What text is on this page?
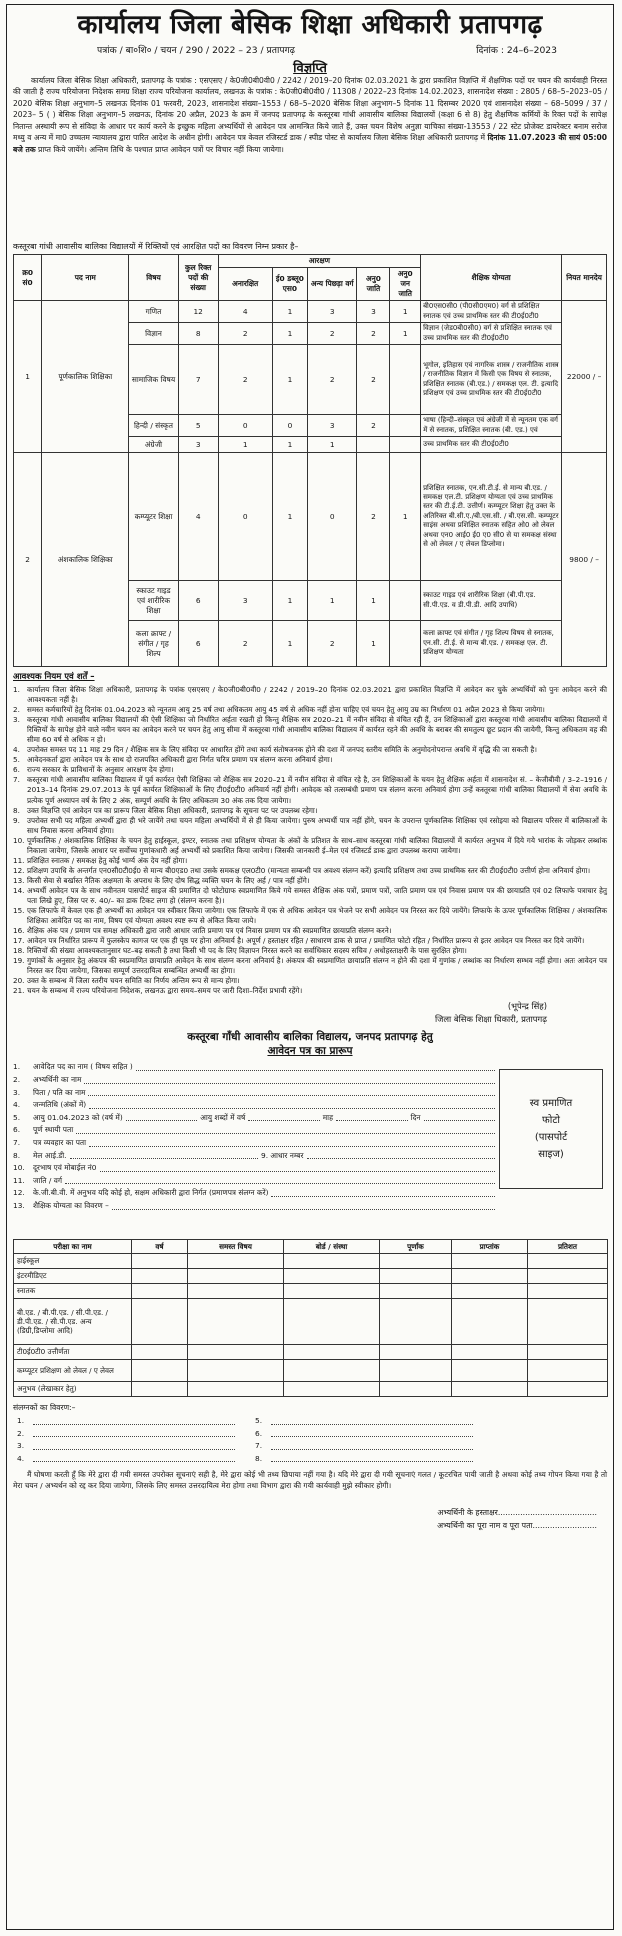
कार्यालय जिला बेसिक शिक्षा अधिकारी प्रतापगढ़
पत्रांक / बा०शि० / चयन / 290 / 2022 – 23 / प्रतापगढ़	दिनांक : 24–6–2023
विज्ञप्ति
कार्यालय जिला बेसिक शिक्षा अधिकारी, प्रतापगढ़ के पत्रांक : एसएसए / के0जी0बी0वी0 / 2242 / 2019–20 दिनांक 02.03.2021 के द्वारा प्रकाशित विज्ञप्ति में शैक्षणिक पदों पर चयन की कार्यवाही निरस्त की जाती है राज्य परियोजना निदेशक समग्र शिक्षा राज्य परियोजना कार्यालय, लखनऊ के पत्रांक : के0जी0बी0वी0 / 11308 / 2022–23 दिनांक 14.02.2023, शासनादेश संख्या : 2805 / 68–5–2023–05 / 2020 बेसिक शिक्षा अनुभाग–5 लखनऊ दिनांक 01 फरवरी, 2023, शासनादेश संख्या–1553 / 68–5–2020 बेसिक शिक्षा अनुभाग–5 दिनांक 11 दिसम्बर 2020 एवं शासनादेश संख्या – 68–5099 / 37 / 2023– 5 ( ) बेसिक शिक्षा अनुभाग–5 लखनऊ, दिनांक 20 अप्रैल, 2023 के क्रम में जनपद प्रतापगढ़ के कस्तूरबा गांधी आवासीय बालिका विद्यालयों (कक्षा 6 से 8) हेतु शैक्षणिक कर्मियों के रिक्त पदों के सापेक्ष नितान्त अस्थायी रूप से संविदा के आधार पर कार्य करने के इच्छुक महिला अभ्यर्थियों से आवेदन पत्र आमन्त्रित किये जाते हैं, उक्त चयन विशेष अनुज्ञा याचिका संख्या-13553 / 22 स्टेट प्रोजेक्ट डायरेक्टर बनाम सरोज मथ्यु व अन्य में मा0 उच्चतम न्यायालय द्वारा पारित आदेश के अधीन होगी। आवेदन पत्र केवल रजिस्टर्ड डाक / स्पीड पोस्ट से कार्यालय जिला बेसिक शिक्षा अधिकारी प्रतापगढ़ में दिनांक 11.07.2023 की सायं 05:00 बजे तक प्राप्त किये जायेंगे। अन्तिम तिथि के पश्चात प्राप्त आवेदन पत्रों पर विचार नहीं किया जायेगा।
कस्तूरबा गांधी आवासीय बालिका विद्यालयों में रिक्तियों एवं आरक्षित पदों का विवरण निम्न प्रकार है–
क्र0 सं0	पद नाम	विषय	कुल रिक्त पदों की संख्या	आरक्षण					शैक्षिक योग्यता	नियत मानदेय
				अनारक्षित	ई0 डब्लू0 एस0	अन्य पिछड़ा वर्ग	अनु0 जाति	अनु0 जन जाति		
1	पूर्णकालिक शिक्षिका	गणित	12	4	1	3	3	1	बी0एस0सी0 (पी0सी0एम0) वर्ग से प्रशिक्षित स्नातक एवं उच्च प्राथमिक स्तर की टी0ई0टी0	22000 / –
		विज्ञान	8	2	1	2	2	1	विज्ञान (जेड0बी0सी0) वर्ग से प्रशिक्षित स्नातक एवं उच्च प्राथमिक स्तर की टी0ई0टी0	
		सामाजिक विषय	7	2	1	2	2		भूगोल, इतिहास एवं नागरिक शास्त्र / राजनीतिक शास्त्र / राजनीतिक विज्ञान में किसी एक विषय से स्नातक, प्रशिक्षित स्नातक (बी.एड.) / समकक्ष एल. टी. इत्यादि प्रशिक्षण एवं उच्च प्राथमिक स्तर की टी0ई0टी0	
		हिन्दी / संस्कृत	5	0	0	3	2		भाषा (हिन्दी–संस्कृत एवं अंग्रेजी में से न्यूनतम एक वर्ग में से स्नातक, प्रशिक्षित स्नातक (बी. एड.) एवं	
		अंग्रेजी	3	1	1	1			उच्च प्राथमिक स्तर की टी0ई0टी0	
2	अंशकालिक शिक्षिका	कम्प्यूटर शिक्षा	4	0	1	0	2	1	प्रशिक्षित स्नातक, एन.सी.टी.ई. से मान्य बी.एड. / समकक्ष एल.टी. प्रशिक्षण योग्यता एवं उच्च प्राथमिक स्तर की टी.ई.टी. उत्तीर्ण। कम्प्यूटर शिक्षा हेतु उक्त के अतिरिक्त बी.सी.ए./बी.एस.सी. / बी.एस.सी. कम्प्यूटर साइंस अथवा प्रशिक्षित स्नातक सहित ओ0 ओ लेवल अथवा एन0 आई0 ई0 ए0 सी0 से या समकक्ष संस्था से ओ लेवल / ए लेवल डिप्लोमा।	9800 / –
		स्काउट गाइड एवं शारीरिक शिक्षा	6	3	1	1	1		स्काउट गाइड एवं शारीरिक शिक्षा (बी.पी.एड. सी.पी.एड. व डी.पी.डी. आदि उपाधि)	
		कला क्राफ्ट / संगीत / गृह शिल्प	6	2	1	2	1		कला क्राफ्ट एवं संगीत / गृह शिल्प विषय से स्नातक, एन.सी. टी.ई. से मान्य बी.एड. / समकक्ष एल. टी. प्रशिक्षण योग्यता	
आवश्यक नियम एवं शर्तें –
1. कार्यालय जिला बेसिक शिक्षा अधिकारी, प्रतापगढ़ के पत्रांक एसएसए / के0जी0बी0वी0 / 2242 / 2019–20 दिनांक 02.03.2021 द्वारा प्रकाशित विज्ञप्ति में आवेदन कर चुके अभ्यर्थियों को पुनः आवेदन करने की आवश्यकता नहीं है।
2. समस्त कर्मचारियों हेतु दिनांक 01.04.2023 को न्यूनतम आयु 25 वर्ष तथा अधिकतम आयु 45 वर्ष से अधिक नहीं होना चाहिए एवं चयन हेतु आयु उम्र का निर्धारण 01 अप्रैल 2023 से किया जायेगा।
3. कस्तूरबा गांधी आवासीय बालिका विद्यालयों की ऐसी शिक्षिका जो निर्धारित अर्हता रखती हो किन्तु शैक्षिक सत्र 2020–21 में नवीन संविदा से वंचित रही हैं, उन शिक्षिकाओं द्वारा कस्तूरबा गांधी आवासीय बालिका विद्यालयों में रिक्तियों के सापेक्ष होने वाले नवीन चयन का आवेदन करने पर चयन हेतु आयु सीमा में कस्तूरबा गांधी आवासीय बालिका विद्यालय में कार्यरत रहने की अवधि के बराबर की समतुल्य छूट प्रदान की जायेगी, किन्तु अधिकतम वह की सीमा 60 वर्ष से अधिक न हो।
4. उपरोक्त समस्त पद 11 माह 29 दिन / शैक्षिक सत्र के लिए संविदा पर आधारित होंगे तथा कार्य संतोषजनक होने की दशा में जनपद स्तरीय समिति के अनुमोदनोपरान्त अवधि में वृद्धि की जा सकती है।
5. आवेदनकर्ता द्वारा आवेदन पत्र के साथ दो राजपत्रित अधिकारी द्वारा निर्गत चरित्र प्रमाण पत्र संलग्न करना अनिवार्य होगा।
6. राज्य सरकार के प्राविधानों के अनुसार आरक्षण देय होगा।
7. कस्तूरबा गांधी आवासीय बालिका विद्यालय में पूर्व कार्यरत ऐसी शिक्षिका जो शैक्षिक सत्र 2020–21 में नवीन संविदा से वंचित रहे है, उन शिक्षिकाओं के चयन हेतु शैक्षिक अर्हता में शासनादेश सं. – केजीबीवी / 3–2–1916 / 2013–14 दिनांक 29.07.2013 के पूर्व कार्यरत शिक्षिकाओं के लिए टी0ई0टी0 अनिवार्य नहीं होगी। आवेदक को तत्सम्बंधी प्रमाण पत्र संलग्न करना अनिवार्य होगा उन्हें कस्तूरबा गांधी बालिका विद्यालयों में सेवा अवधि के प्रत्येक पूर्ण अध्यापन वर्ष के लिए 2 अंक, सम्पूर्ण अवधि के लिए अधिकतम 30 अंक तक दिया जायेगा।
8. उक्त विज्ञप्ति एवं आवेदन पत्र का प्रारूप जिला बेसिक शिक्षा अधिकारी, प्रतापगढ़ के सूचना पट पर उपलब्ध रहेगा।
9. उपरोक्त सभी पद महिला अभ्यर्थी द्वारा ही भरे जायेंगे तथा चयन महिला अभ्यर्थियों में से ही किया जायेगा। पुरुष अभ्यर्थी पात्र नहीं होंगे, चयन के उपरान्त पूर्णकालिक शिक्षिका एवं रसोइया को विद्यालय परिसर में बालिकाओं के साथ निवास करना अनिवार्य होगा।
10. पूर्णकालिक / अंशकालिक शिक्षिका के चयन हेतु हाईस्कूल, इण्टर, स्नातक तथा प्रशिक्षण योग्यता के अंकों के प्रतिशत के साथ–साथ कस्तूरबा गांधी बालिका विद्यालयों में कार्यरत अनुभव में दिये गये भारांक के जोड़कर लब्धांक निकाला जायेगा, जिसके आधार पर सर्वोच्च गुणांकधारी अर्ह अभ्यर्थी को प्रकाशित किया जायेगा। जिसकी जानकारी ई–मेल एवं रजिस्टर्ड डाक द्वारा उपलब्ध कराया जायेगा।
11. प्रशिक्षित स्नातक / समकक्ष हेतु कोई भार्ग्य अंक देय नहीं होगा।
12. प्रशिक्षण उपाधि के अन्तर्गत एन0सी0टी0ई0 से मान्य बी0एड0 तथा उसके समकक्ष एल0टी0 (मान्यता सम्बन्धी पत्र अवश्य संलग्न करें) इत्यादि प्रशिक्षण तथा उच्च प्राथमिक स्तर की टी0ई0टी0 उत्तीर्ण होना अनिवार्य होगा।
13. किसी सेवा से बर्खास्त नैतिक अक्षमता के अपराध के लिए दोष सिद्ध व्यक्ति चयन के लिए अर्ह / पात्र नहीं होंगे।
14. अभ्यर्थी आवेदन पत्र के साथ नवीनतम पासपोर्ट साइज की प्रमाणित दो फोटोग्राफ स्वप्रमाणित किये गये समस्त शैक्षिक अंक पत्रों, प्रमाण पत्रों, जाति प्रमाण पत्र एवं निवास प्रमाण पत्र की छायाप्रति एवं 02 लिफाफे पत्राचार हेतु पता लिखे हुए, जिस पर रु. 40/– का डाक टिकट लगा हो (संलग्न करना है)।
15. एक लिफाफे में केवल एक ही अभ्यर्थी का आवेदन पत्र स्वीकार किया जायेगा। एक लिफाफे में एक से अधिक आवेदन पत्र भेजने पर सभी आवेदन पत्र निरस्त कर दिये जायेंगे। लिफाफे के ऊपर पूर्णकालिक शिक्षिका / अंशकालिक शिक्षिका आवेदित पद का नाम, विषय एवं योग्यता अवश्य स्पष्ट रूप से अंकित किया जाये।
16. शैक्षिक अंक पत्र / प्रमाण पत्र समक्ष अधिकारी द्वारा जारी आधार जाति प्रमाण पत्र एवं निवास प्रमाण पत्र की स्वप्रमाणित छायाप्रति संलग्न करने।
17. आवेदन पत्र निर्धारित प्रारूप में फुलस्केप कागज पर एक ही पृष्ठ पर होना अनिवार्य है। अपूर्ण / हस्ताक्षर रहित / साधारण डाक से प्राप्त / प्रमाणित फोटो रहित / निर्धारित प्रारूप से इतर आवेदन पत्र निरस्त कर दिये जायेंगे।
18. रिक्तियों की संख्या आवश्यकतानुसार घट–बढ़ सकती है तथा किसी भी पद के लिए विज्ञापन निरस्त करने का सर्वाधिकार सदस्य सचिव / अधोहस्ताक्षरी के पास सुरक्षित होगा।
19. गुणांकों के अनुसार हेतु अंकपत्र की स्वप्रमाणित छायाप्रति आवेदन के साथ संलग्न करना अनिवार्य है। अंकपत्र की स्वप्रमाणित छायाप्रति संलग्न न होने की दशा में गुणांक / लब्धांक का निर्धारण सम्भव नहीं होगा। अतः आवेदन पत्र निरस्त कर दिया जायेगा, जिसका सम्पूर्ण उत्तरदायित्व सम्बन्धित अभ्यर्थी का होगा।
20. उक्त के सम्बन्ध में जिला स्तरीय चयन समिति का निर्णय अन्तिम रूप से मान्य होगा।
21. चयन के सम्बन्ध में राज्य परियोजना निदेशक, लखनऊ द्वारा समय–समय पर जारी दिशा–निर्देश प्रभावी रहेंगे।
(भूपेन्द्र सिंह)
जिला बेसिक शिक्षा धिकारी, प्रतापगढ़
कस्तूरबा गाँधी आवासीय बालिका विद्यालय, जनपद प्रतापगढ़ हेतु
आवेदन पत्र का प्रारूप
1.	आवेदित पद का नाम ( विषय सहित )
2.	अभ्यर्थिनी का नाम
3.	पिता / पति का नाम
4.	जन्मतिथि (अंकों में)
5.	आयु 01.04.2023 को (वर्ष में)	आयु शब्दों में वर्ष	माह	दिन
6.	पूर्ण स्थायी पता
7.	पत्र व्यवहार का पता
8.	मेल आई.डी.	9. आधार नम्बर
10.	दूरभाष एवं मोबाईल नं0
11.	जाति / वर्ग
12.	के.जी.बी.वी. में अनुभव यदि कोई हो, सक्षम अधिकारी द्वारा निर्गत (प्रमाणपत्र संलग्न करें)
13.	शैक्षिक योग्यता का विवरण –
स्व प्रमाणित
फोटो
(पासपोर्ट
साइज)
परीक्षा का नाम	वर्ष	समस्त विषय	बोर्ड / संस्था	पूर्णांक	प्राप्तांक	प्रतिशत
हाईस्कूल						
इंटरमीडिएट						
स्नातक						
बी.एड. / बी.पी.एड. / सी.पी.एड. / डी.पी.एड. / सी.पी.एड. अन्य (डिग्री,डिप्लोमा आदि)						
टी0ई0टी0 उत्तीर्णता						
कम्प्यूटर प्रशिक्षण ओ लेवल / ए लेवल						
अनुभव (लेखाकार हेतु)						
संलग्नकों का विवरण:–
1.	5.
2.	6.
3.	7.
4.	8.
मैं घोषणा करती हूँ कि मेरे द्वारा दी गयी समस्त उपरोक्त सूचनाएं सही है, मेरे द्वारा कोई भी तथ्य छिपाया नहीं गया है। यदि मेरे द्वारा दी गयी सूचनाएं गलत / कूटरचित पायी जाती है अथवा कोई तथ्य गोपन किया गया है तो मेरा चयन / अभ्यर्थन को रद्द कर दिया जायेगा, जिसके लिए समस्त उत्तरदायित्व मेरा होगा तथा विभाग द्वारा की गयी कार्यवाही मुझे स्वीकार होगी।
अभ्यर्थिनी के हस्ताक्षर........................................
अभ्यर्थिनी का पूरा नाम व पूरा पता..........................
